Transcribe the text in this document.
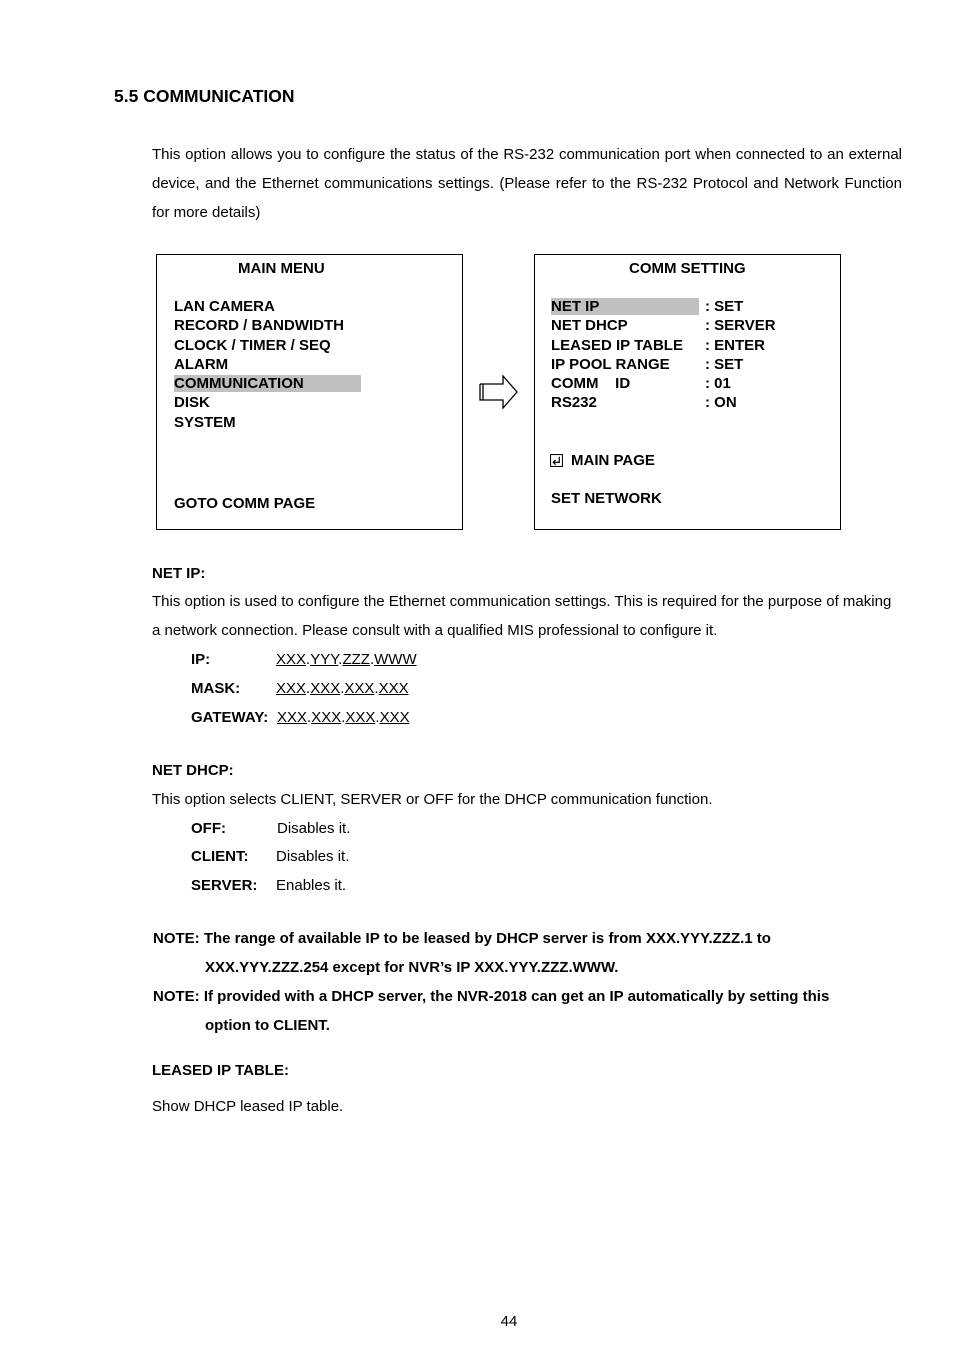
5.5 COMMUNICATION

This option allows you to configure the status of the RS-232 communication port when connected to an external device, and the Ethernet communications settings. (Please refer to the RS-232 Protocol and Network Function for more details)

MAIN MENU
LAN CAMERA
RECORD / BANDWIDTH
CLOCK / TIMER / SEQ
ALARM
COMMUNICATION
DISK
SYSTEM
GOTO COMM PAGE
COMM SETTING
NET IP	: SET
NET DHCP	: SERVER
LEASED IP TABLE : ENTER
IP POOL RANGE : SET
COMM    ID	: 01
RS232	: ON
MAIN PAGE
SET NETWORK
NET IP:

This option is used to configure the Ethernet communication settings. This is required for the purpose of making a network connection. Please consult with a qualified MIS professional to configure it.

IP:	XXX.YYY.ZZZ.WWW
MASK: XXX.XXX.XXX.XXX
GATEWAY: XXX.XXX.XXX.XXX
NET DHCP:

This option selects CLIENT, SERVER or OFF for the DHCP communication function.

OFF:	Disables it.
CLIENT: Disables it.
SERVER: Enables it.
NOTE: The range of available IP to be leased by DHCP server is from XXX.YYY.ZZZ.1 to
XXX.YYY.ZZZ.254 except for NVR’s IP XXX.YYY.ZZZ.WWW.
NOTE: If provided with a DHCP server, the NVR-2018 can get an IP automatically by setting this
option to CLIENT.
LEASED IP TABLE:

Show DHCP leased IP table.

44
